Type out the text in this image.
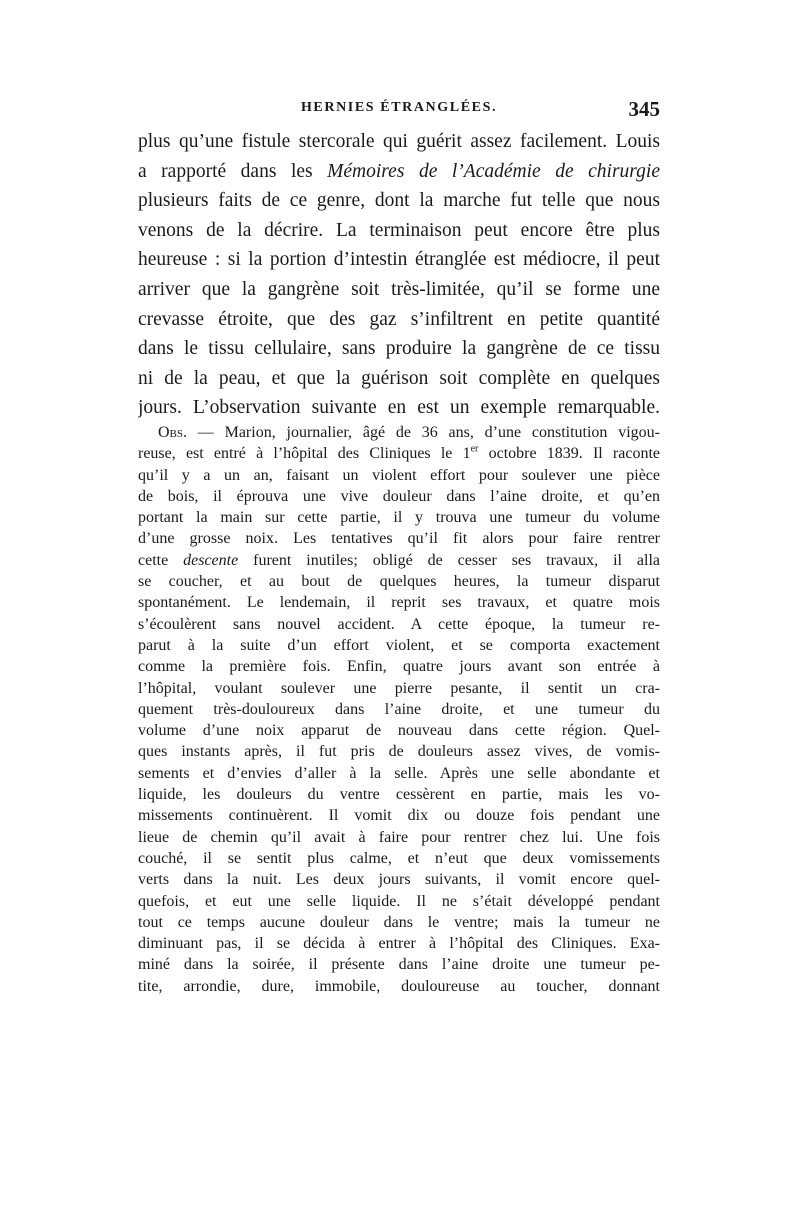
HERNIES ÉTRANGLÉES.	345
plus qu’une fistule stercorale qui guérit assez facilement. Louis
a rapporté dans les Mémoires de l’Académie de chirurgie
plusieurs faits de ce genre, dont la marche fut telle que nous
venons de la décrire. La terminaison peut encore être plus
heureuse : si la portion d’intestin étranglée est médiocre, il peut
arriver que la gangrène soit très-limitée, qu’il se forme une
crevasse étroite, que des gaz s’infiltrent en petite quantité
dans le tissu cellulaire, sans produire la gangrène de ce tissu
ni de la peau, et que la guérison soit complète en quelques
jours. L’observation suivante en est un exemple remarquable.
Obs. — Marion, journalier, âgé de 36 ans, d’une constitution vigou-
reuse, est entré à l’hôpital des Cliniques le 1er octobre 1839. Il raconte
qu’il y a un an, faisant un violent effort pour soulever une pièce
de bois, il éprouva une vive douleur dans l’aine droite, et qu’en
portant la main sur cette partie, il y trouva une tumeur du volume
d’une grosse noix. Les tentatives qu’il fit alors pour faire rentrer
cette descente furent inutiles; obligé de cesser ses travaux, il alla
se coucher, et au bout de quelques heures, la tumeur disparut
spontanément. Le lendemain, il reprit ses travaux, et quatre mois
s’écoulèrent sans nouvel accident. A cette époque, la tumeur re-
parut à la suite d’un effort violent, et se comporta exactement
comme la première fois. Enfin, quatre jours avant son entrée à
l’hôpital, voulant soulever une pierre pesante, il sentit un cra-
quement très-douloureux dans l’aine droite, et une tumeur du
volume d’une noix apparut de nouveau dans cette région. Quel-
ques instants après, il fut pris de douleurs assez vives, de vomis-
sements et d’envies d’aller à la selle. Après une selle abondante et
liquide, les douleurs du ventre cessèrent en partie, mais les vo-
missements continuèrent. Il vomit dix ou douze fois pendant une
lieue de chemin qu’il avait à faire pour rentrer chez lui. Une fois
couché, il se sentit plus calme, et n’eut que deux vomissements
verts dans la nuit. Les deux jours suivants, il vomit encore quel-
quefois, et eut une selle liquide. Il ne s’était développé pendant
tout ce temps aucune douleur dans le ventre; mais la tumeur ne
diminuant pas, il se décida à entrer à l’hôpital des Cliniques. Exa-
miné dans la soirée, il présente dans l’aine droite une tumeur pe-
tite, arrondie, dure, immobile, douloureuse au toucher, donnant
